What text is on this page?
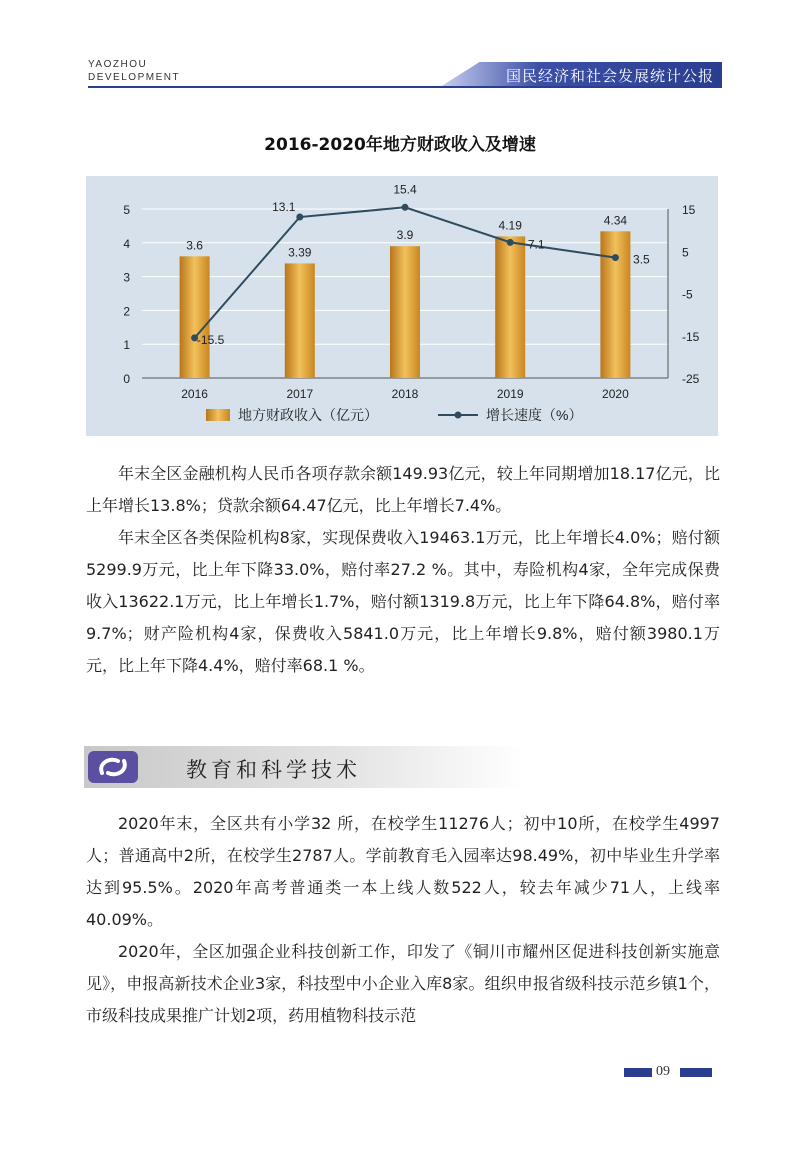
YAOZHOU
DEVELOPMENT	国民经济和社会发展统计公报
2016-2020年地方财政收入及增速
0
1
2
3
4
5
-25
-15
-5
5
15
3.6
3.39
3.9
4.19	4.34
2016	2017	2018	2019	2020
-15.5
13.1
15.4
7.1
3.5
地方财政收入（亿元）	增长速度（%）

年末全区金融机构人民币各项存款余额149.93亿元，较上年同期增加18.17亿元，比上年增长13.8%；贷款余额64.47亿元，比上年增长7.4%。

年末全区各类保险机构8家，实现保费收入19463.1万元，比上年增长4.0%；赔付额5299.9万元，比上年下降33.0%，赔付率27.2 %。其中，寿险机构4家，全年完成保费收入13622.1万元，比上年增长1.7%，赔付额1319.8万元，比上年下降64.8%，赔付率9.7%；财产险机构4家，保费收入5841.0万元，比上年增长9.8%，赔付额3980.1万元，比上年下降4.4%，赔付率68.1 %。

教育和科学技术

2020年末，全区共有小学32 所，在校学生11276人；初中10所，在校学生4997人；普通高中2所，在校学生2787人。学前教育毛入园率达98.49%，初中毕业生升学率达到95.5%。2020年高考普通类一本上线人数522人，较去年减少71人，上线率40.09%。

2020年，全区加强企业科技创新工作，印发了《铜川市耀州区促进科技创新实施意见》，申报高新技术企业3家，科技型中小企业入库8家。组织申报省级科技示范乡镇1个，市级科技成果推广计划2项，药用植物科技示范

09
